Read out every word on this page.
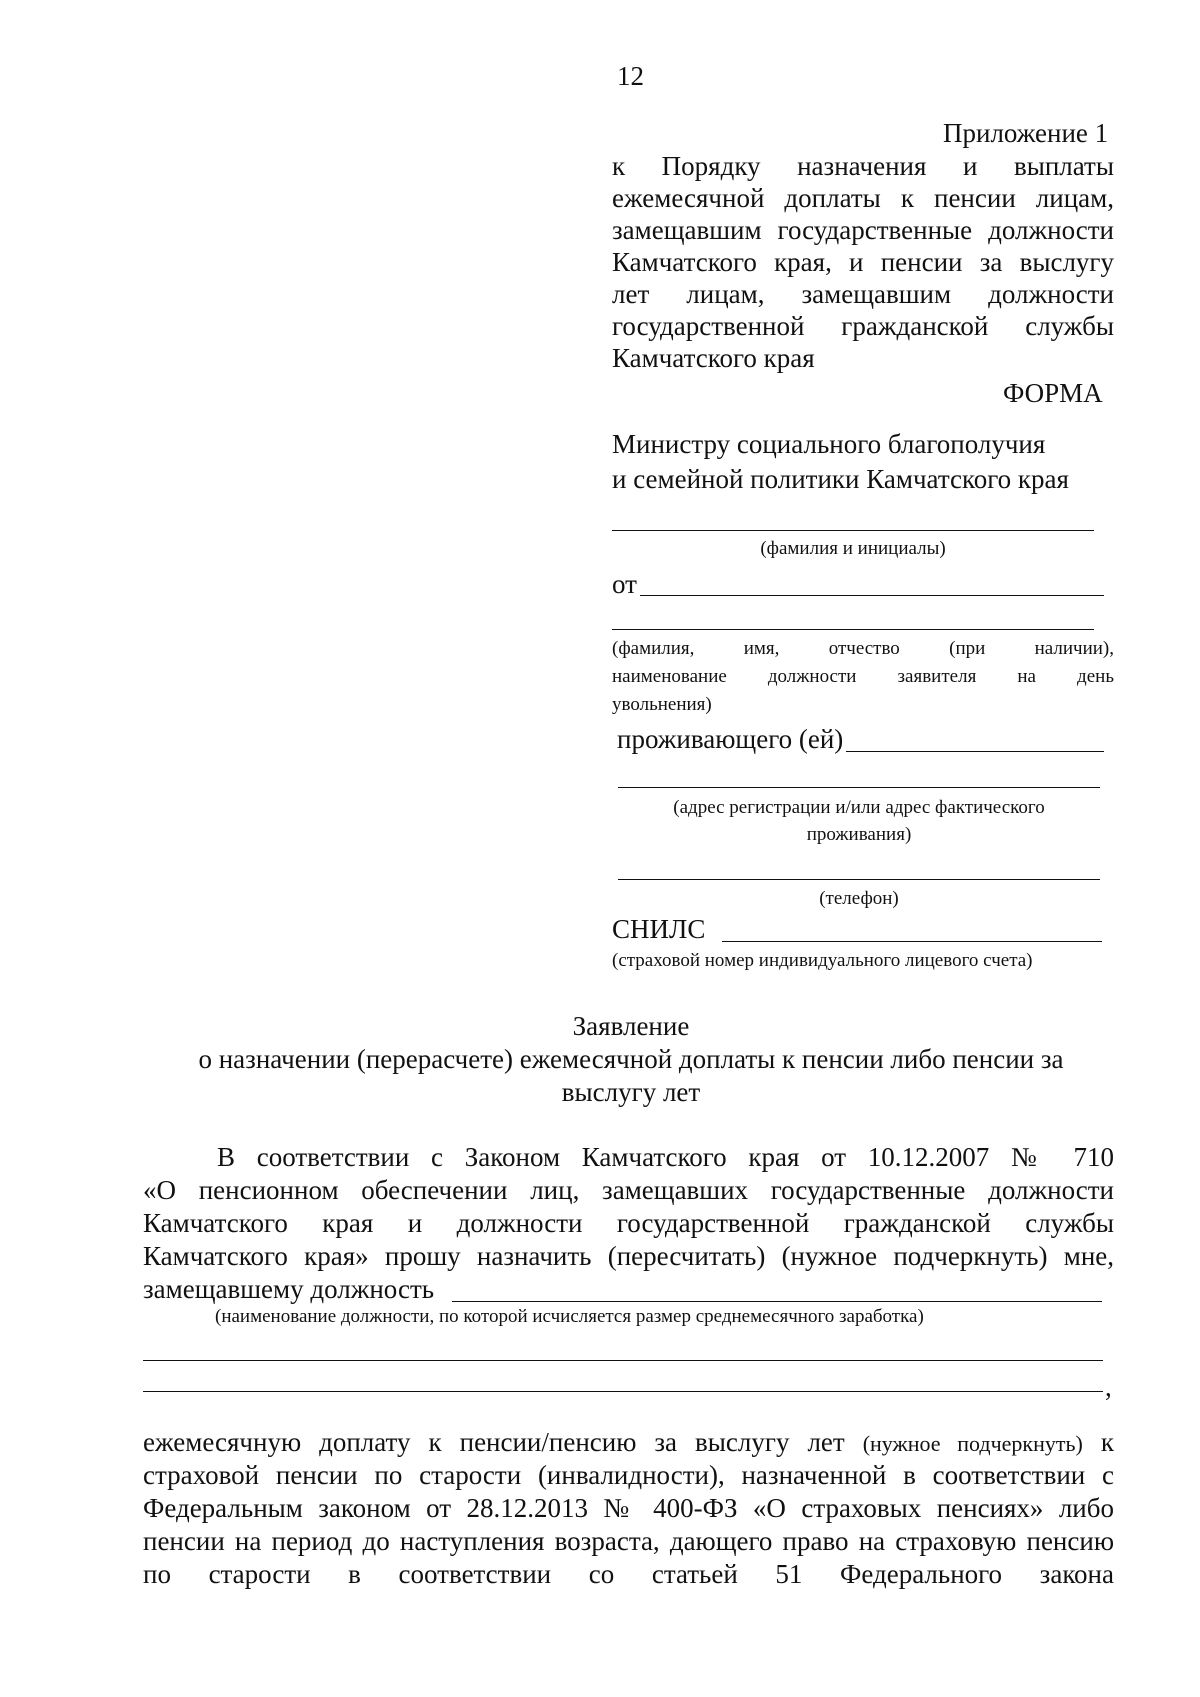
12
Приложение 1
к Порядку назначения и выплаты
ежемесячной доплаты к пенсии лицам,
замещавшим государственные должности
Камчатского края, и пенсии за выслугу
лет лицам, замещавшим должности
государственной гражданской службы
Камчатского края
ФОРМА
Министру социального благополучия
и семейной политики Камчатского края
(фамилия и инициалы)
от
(фамилия, имя, отчество (при наличии),
наименование должности заявителя на день
увольнения)
проживающего (ей)
(адрес регистрации и/или адрес фактического
проживания)
(телефон)
СНИЛС
(страховой номер индивидуального лицевого счета)
Заявление
о назначении (перерасчете) ежемесячной доплаты к пенсии либо пенсии за
выслугу лет
В соответствии с Законом Камчатского края от 10.12.2007 № 710
«О пенсионном обеспечении лиц, замещавших государственные должности
Камчатского края и должности государственной гражданской службы
Камчатского края» прошу назначить (пересчитать) (нужное подчеркнуть) мне,
замещавшему должность
(наименование должности, по которой исчисляется размер среднемесячного заработка)
,
ежемесячную доплату к пенсии/пенсию за выслугу лет (нужное подчеркнуть) к
страховой пенсии по старости (инвалидности), назначенной в соответствии с
Федеральным законом от 28.12.2013 № 400-ФЗ «О страховых пенсиях» либо
пенсии на период до наступления возраста, дающего право на страховую пенсию
по старости в соответствии со статьей 51 Федерального закона
